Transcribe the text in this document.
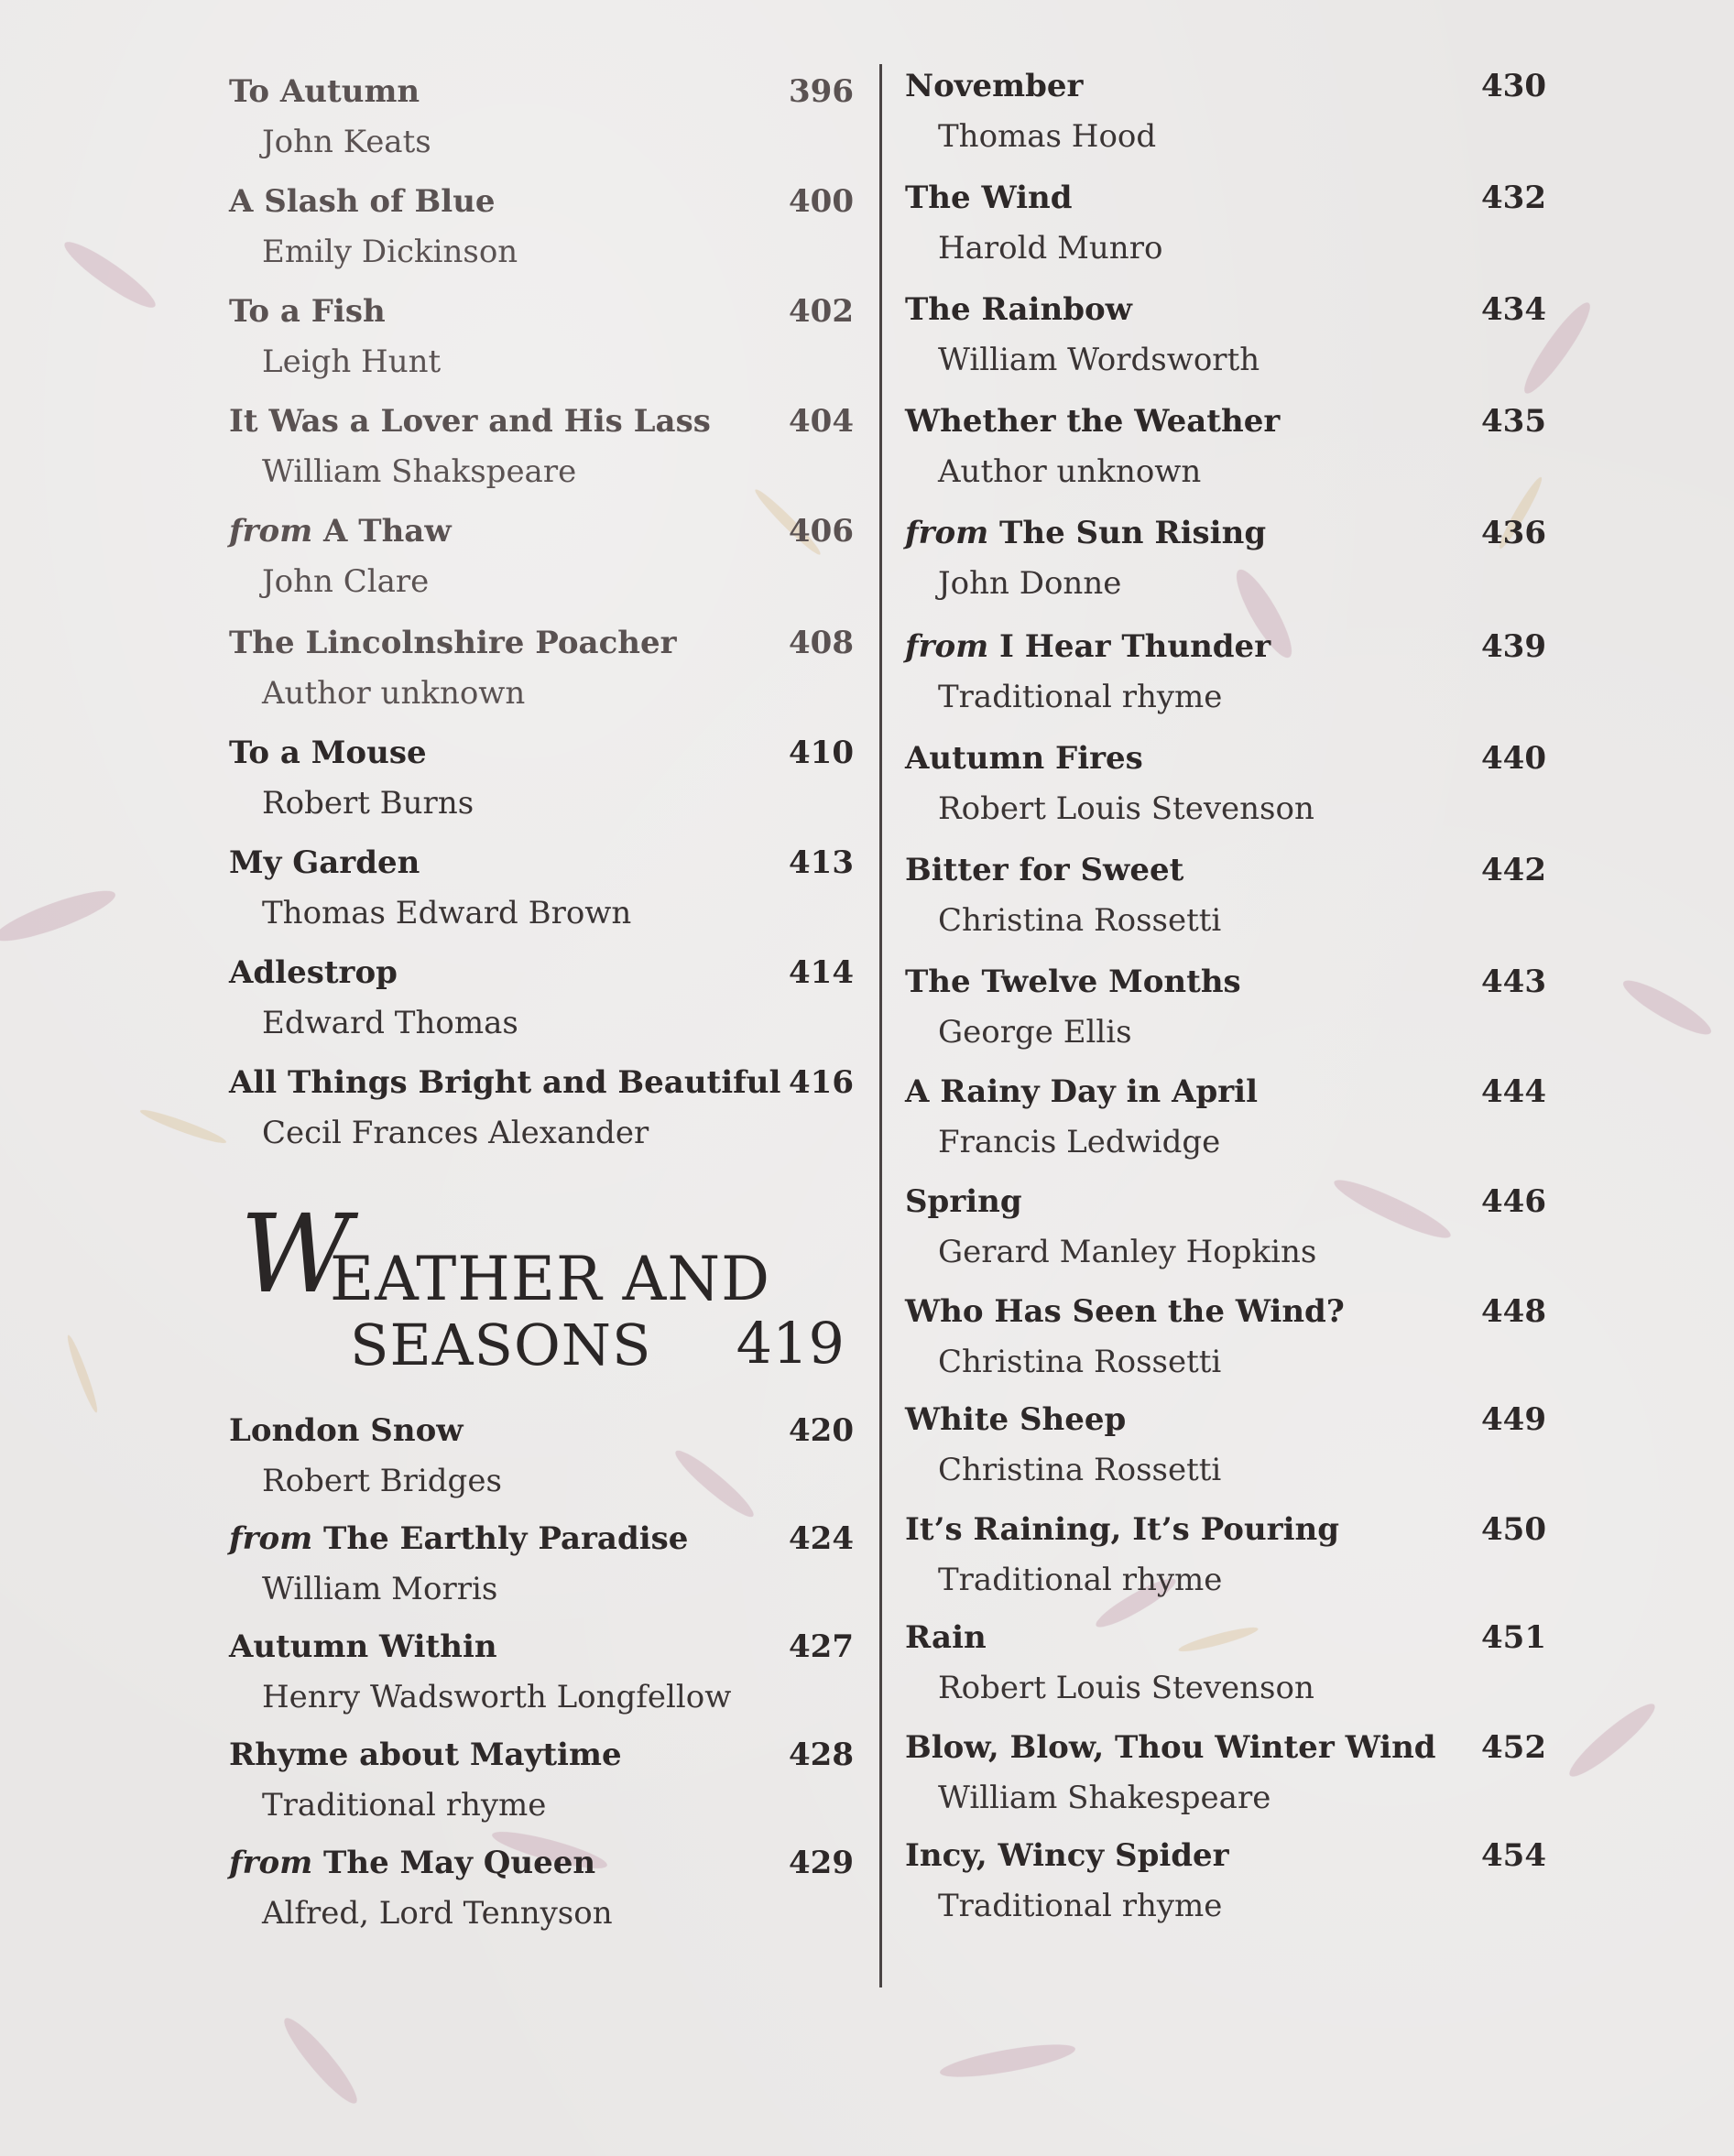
To Autumn	396
John Keats
A Slash of Blue	400
Emily Dickinson
To a Fish	402
Leigh Hunt
It Was a Lover and His Lass	404
William Shakspeare
from A Thaw	406
John Clare
The Lincolnshire Poacher	408
Author unknown
To a Mouse	410
Robert Burns
My Garden	413
Thomas Edward Brown
Adlestrop	414
Edward Thomas
All Things Bright and Beautiful 416
Cecil Frances Alexander
London Snow	420
Robert Bridges
from The Earthly Paradise	424
William Morris
Autumn Within	427
Henry Wadsworth Longfellow
Rhyme about Maytime	428
Traditional rhyme
from The May Queen	429
Alfred, Lord Tennyson
W
EATHER AND
SEASONS 419
November	430
Thomas Hood
The Wind	432
Harold Munro
The Rainbow	434
William Wordsworth
Whether the Weather	435
Author unknown
from The Sun Rising	436
John Donne
from I Hear Thunder	439
Traditional rhyme
Autumn Fires	440
Robert Louis Stevenson
Bitter for Sweet	442
Christina Rossetti
The Twelve Months	443
George Ellis
A Rainy Day in April	444
Francis Ledwidge
Spring	446
Gerard Manley Hopkins
Who Has Seen the Wind?	448
Christina Rossetti
White Sheep	449
Christina Rossetti
It’s Raining, It’s Pouring	450
Traditional rhyme
Rain	451
Robert Louis Stevenson
Blow, Blow, Thou Winter Wind 452
William Shakespeare
Incy, Wincy Spider	454
Traditional rhyme
